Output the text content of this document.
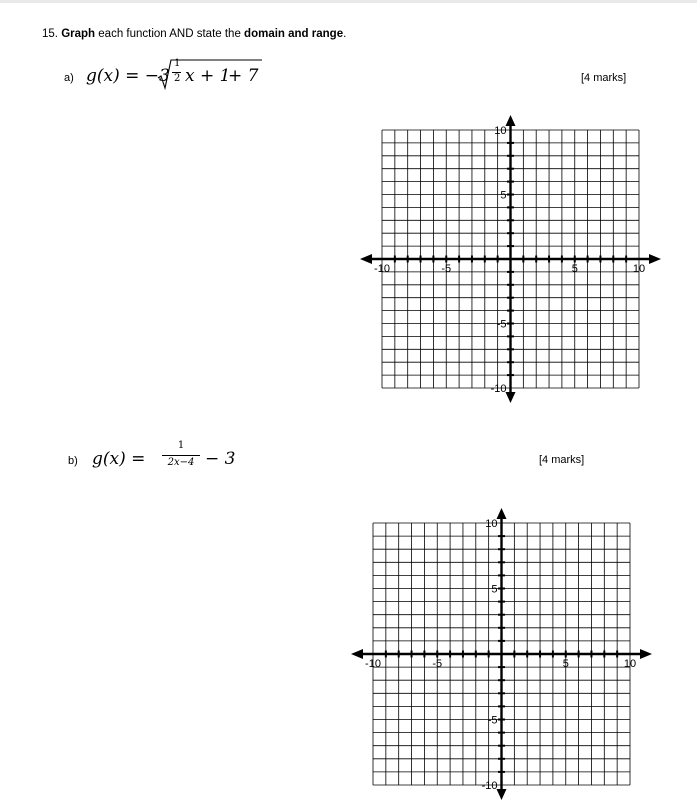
15. Graph each function AND state the domain and range.
a) g(x) = −3
1
2 x + 1
+ 7	[4 marks]
-10	-5	5	10
10
5
-5
-10
b) g(x) =
1
2x−4 − 3	[4 marks]
-10	-5	5	10
10
5
-5
-10
